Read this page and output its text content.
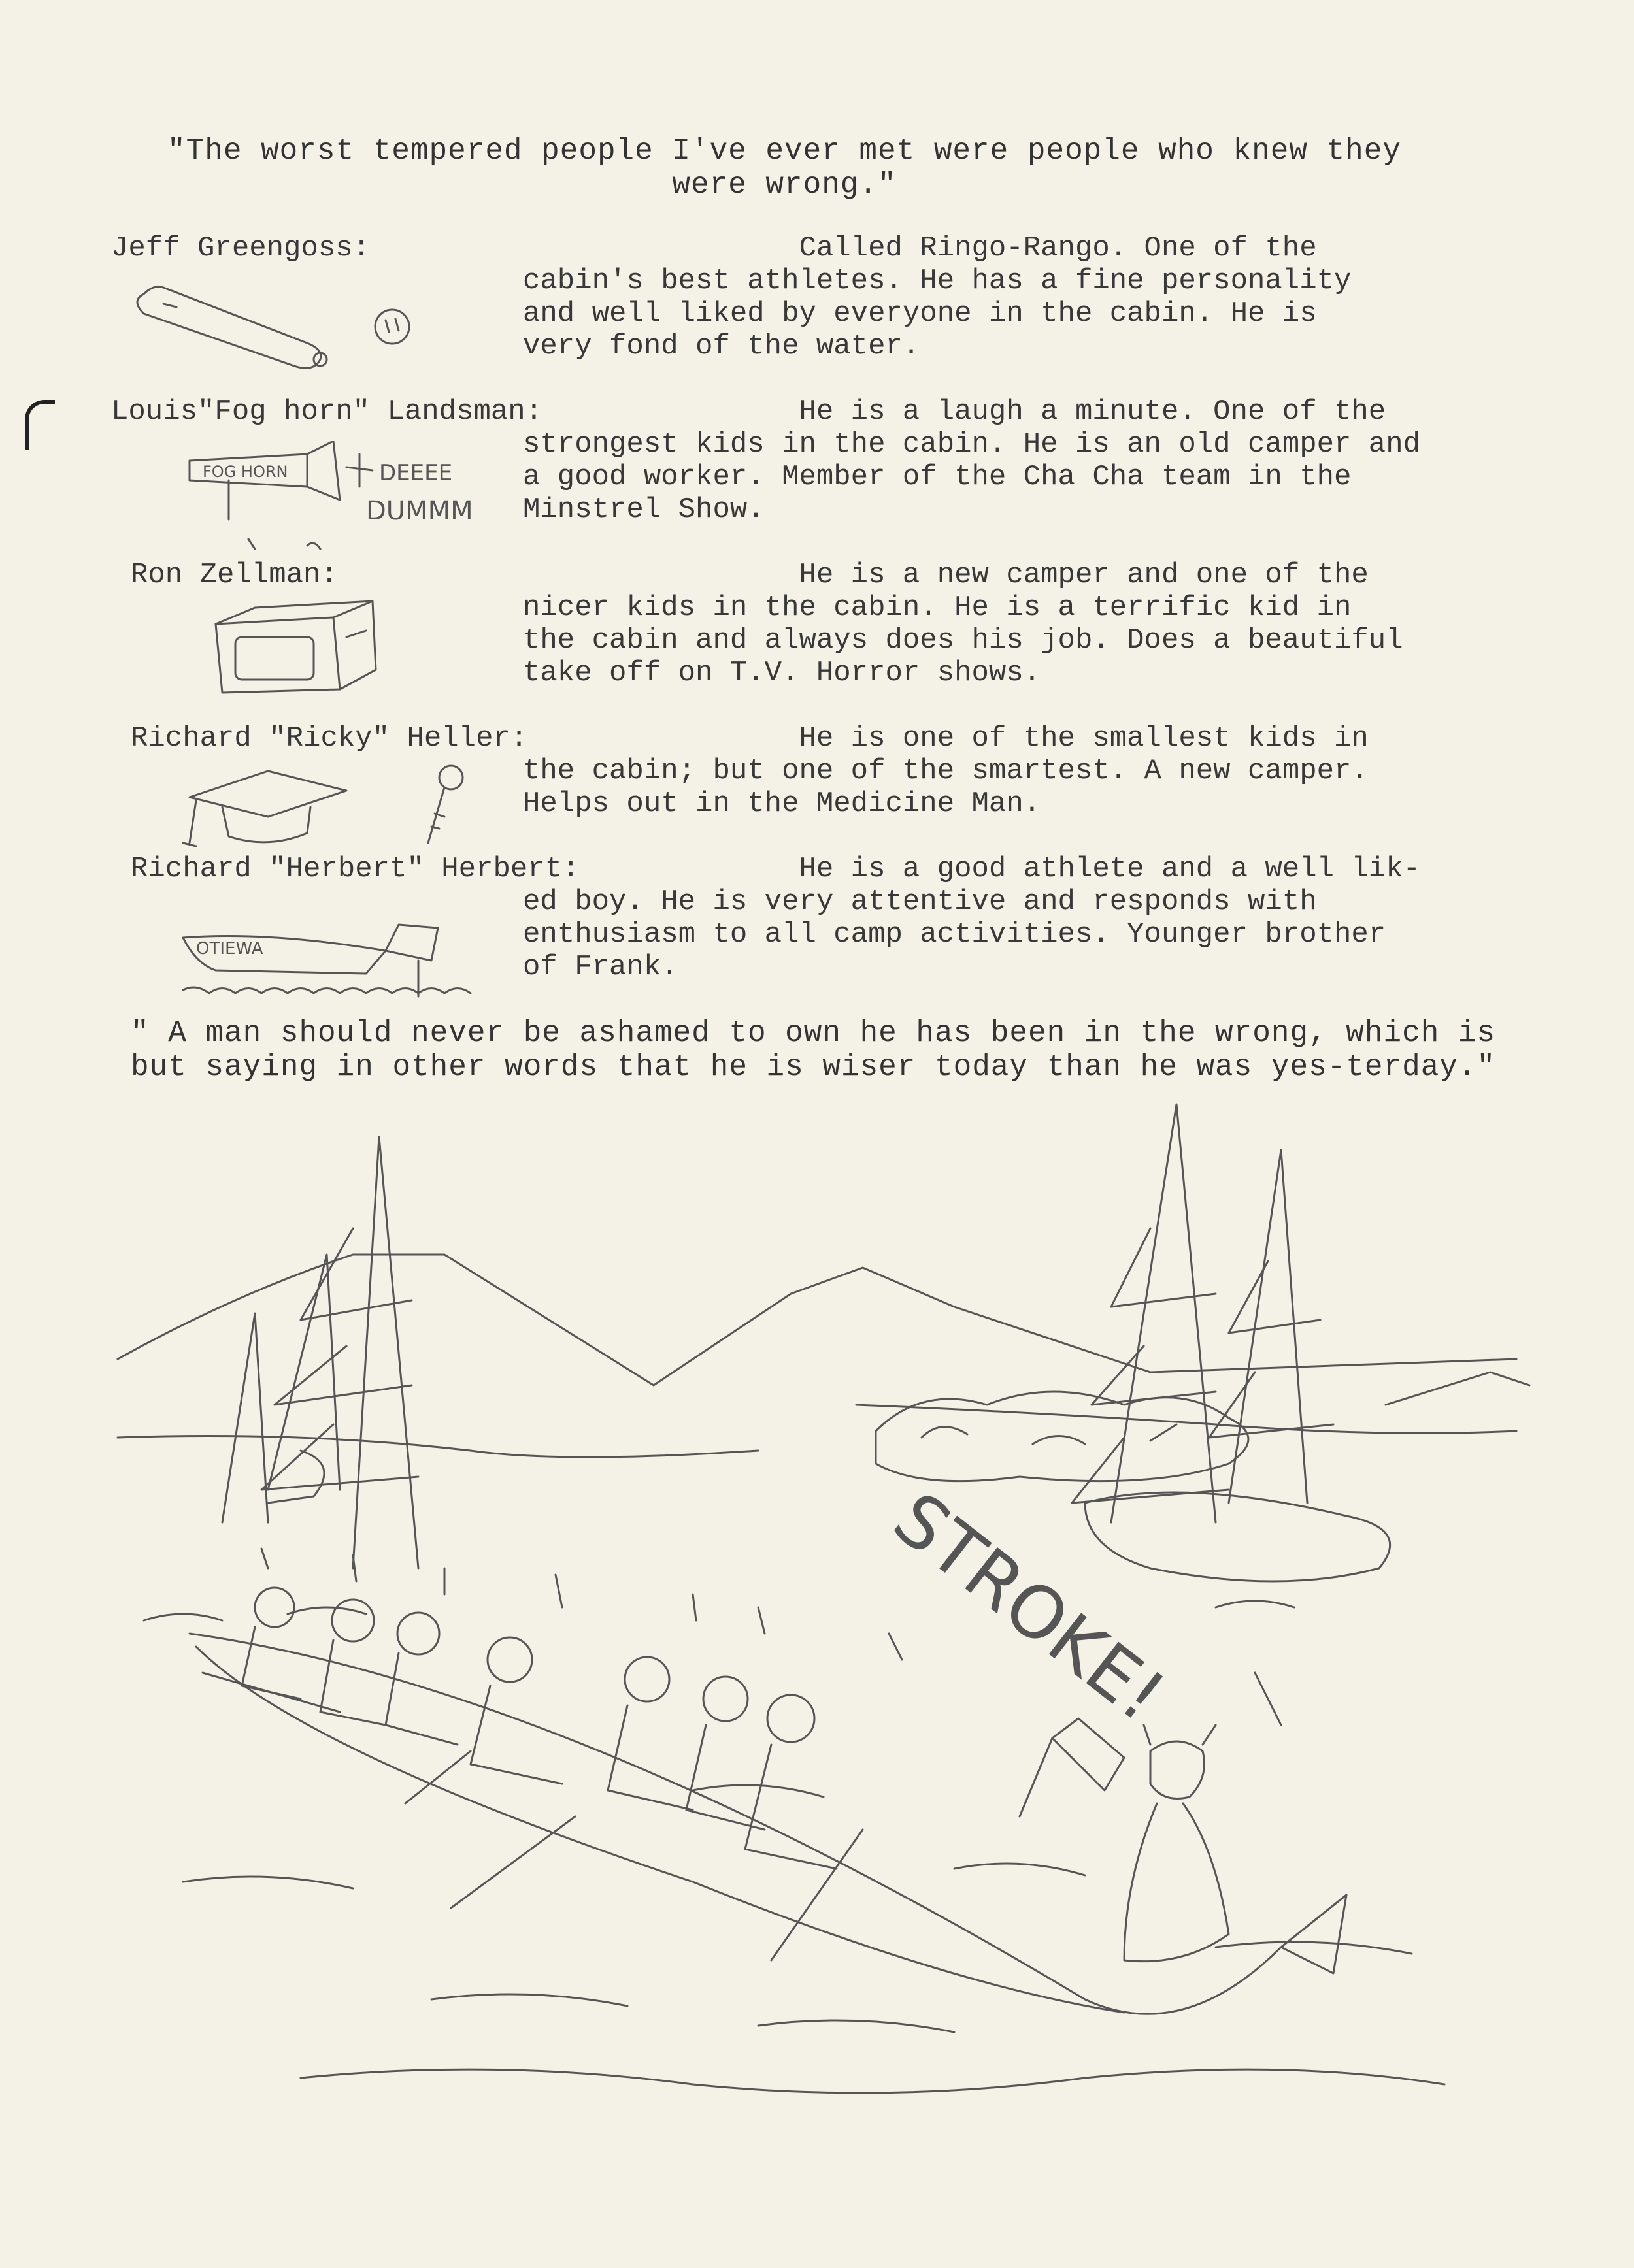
"The worst tempered people I've ever met were people who knew they were wrong."
Jeff Greengoss:	Called Ringo-Rango. One of the
cabin's best athletes. He has a fine personality
and well liked by everyone in the cabin. He is
very fond of the water.
Louis"Fog horn" Landsman:	He is a laugh a minute. One of the
strongest kids in the cabin. He is an old camper and
a good worker. Member of the Cha Cha team in the
Minstrel Show.
FOG HORN	DEEEE
DUMMM
Ron Zellman:	He is a new camper and one of the
nicer kids in the cabin. He is a terrific kid in
the cabin and always does his job. Does a beautiful
take off on T.V. Horror shows.
Richard "Ricky" Heller:	He is one of the smallest kids in
the cabin; but one of the smartest. A new camper.
Helps out in the Medicine Man.
Richard "Herbert" Herbert:	He is a good athlete and a well lik-
ed boy. He is very attentive and responds with
enthusiasm to all camp activities. Younger brother
of Frank.
OTIEWA
" A man should never be ashamed to own he has been in the wrong, which is but saying in other words that he is wiser today than he was yes-terday."
STROKE!
